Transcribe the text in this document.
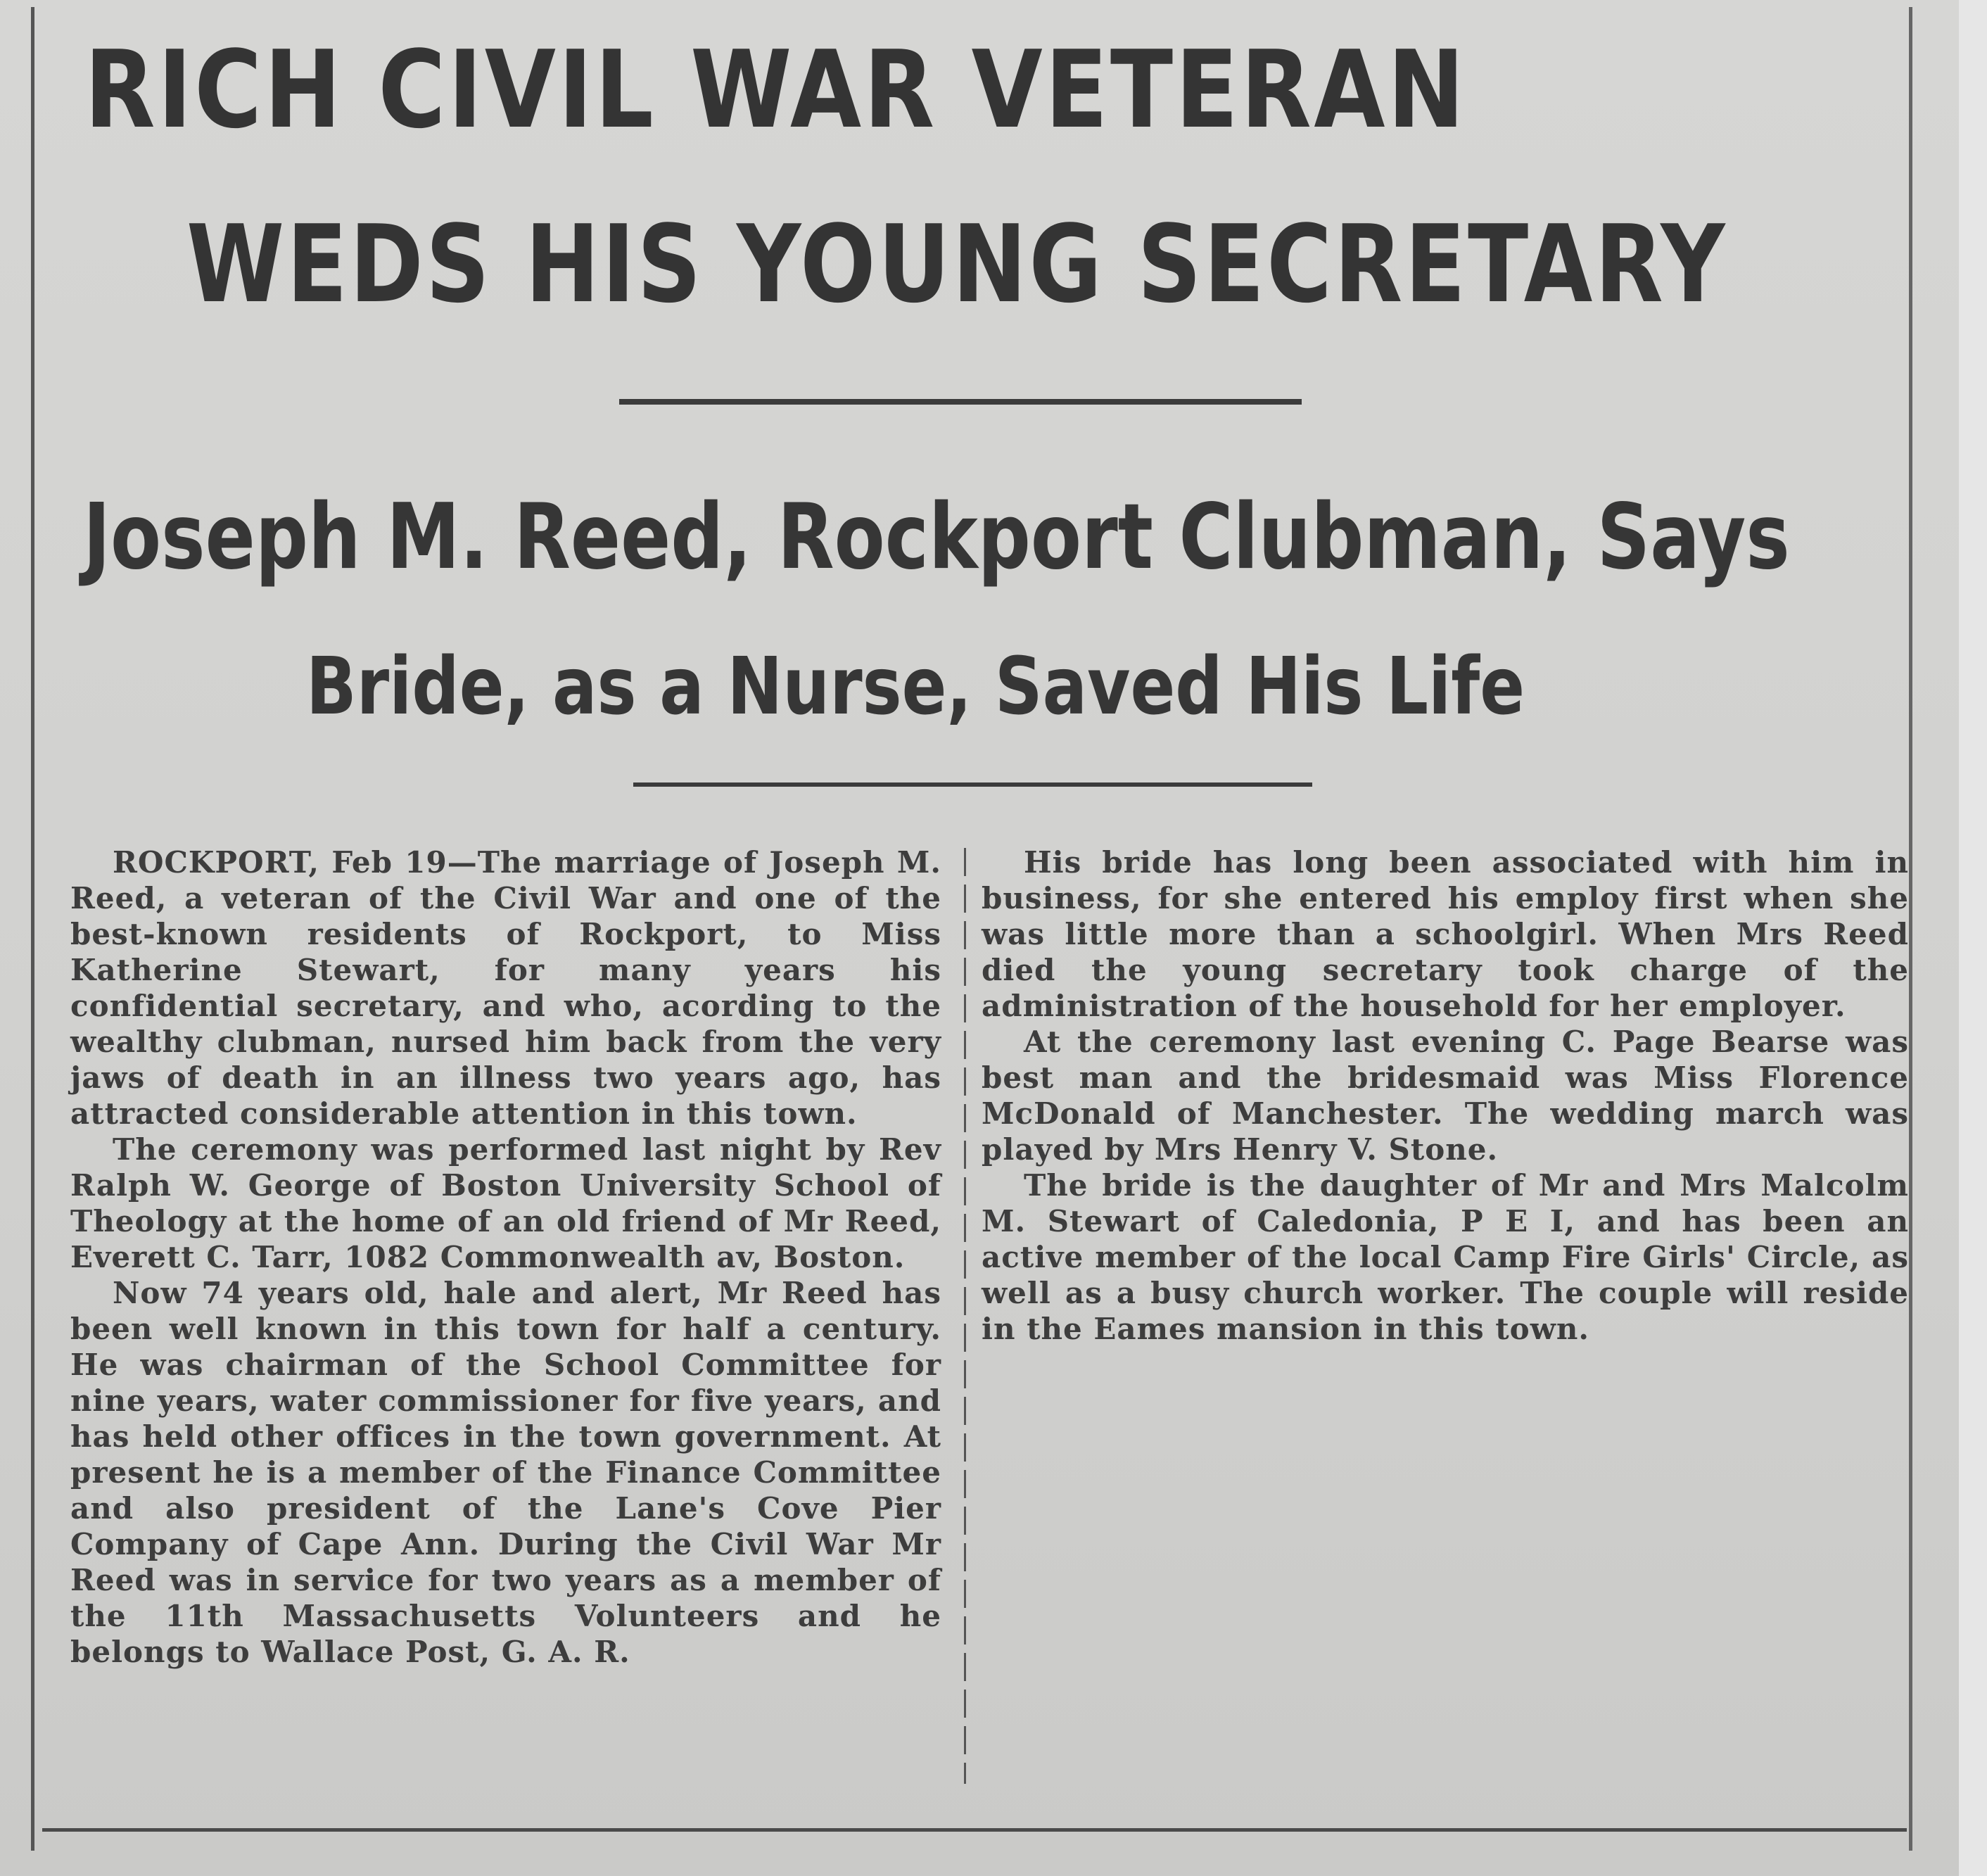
RICH CIVIL WAR VETERAN
WEDS HIS YOUNG SECRETARY
Joseph M. Reed, Rockport Clubman, Says
Bride, as a Nurse, Saved His Life

ROCKPORT, Feb 19—The marriage of Joseph M. Reed, a veteran of the Civil War and one of the best-known residents of Rockport, to Miss Katherine Stewart, for many years his confidential secretary, and who, acording to the wealthy clubman, nursed him back from the very jaws of death in an illness two years ago, has attracted considerable attention in this town.

The ceremony was performed last night by Rev Ralph W. George of Boston University School of Theology at the home of an old friend of Mr Reed, Everett C. Tarr, 1082 Commonwealth av, Boston.

Now 74 years old, hale and alert, Mr Reed has been well known in this town for half a century. He was chairman of the School Committee for nine years, water commissioner for five years, and has held other offices in the town government. At present he is a member of the Finance Committee and also president of the Lane's Cove Pier Company of Cape Ann. During the Civil War Mr Reed was in service for two years as a member of the 11th Massachusetts Volunteers and he belongs to Wallace Post, G. A. R.

His bride has long been associated with him in business, for she entered his employ first when she was little more than a schoolgirl. When Mrs Reed died the young secretary took charge of the administration of the household for her employer.

At the ceremony last evening C. Page Bearse was best man and the bridesmaid was Miss Florence McDonald of Manchester. The wedding march was played by Mrs Henry V. Stone.

The bride is the daughter of Mr and Mrs Malcolm M. Stewart of Caledonia, P E I, and has been an active member of the local Camp Fire Girls' Circle, as well as a busy church worker. The couple will reside in the Eames mansion in this town.
